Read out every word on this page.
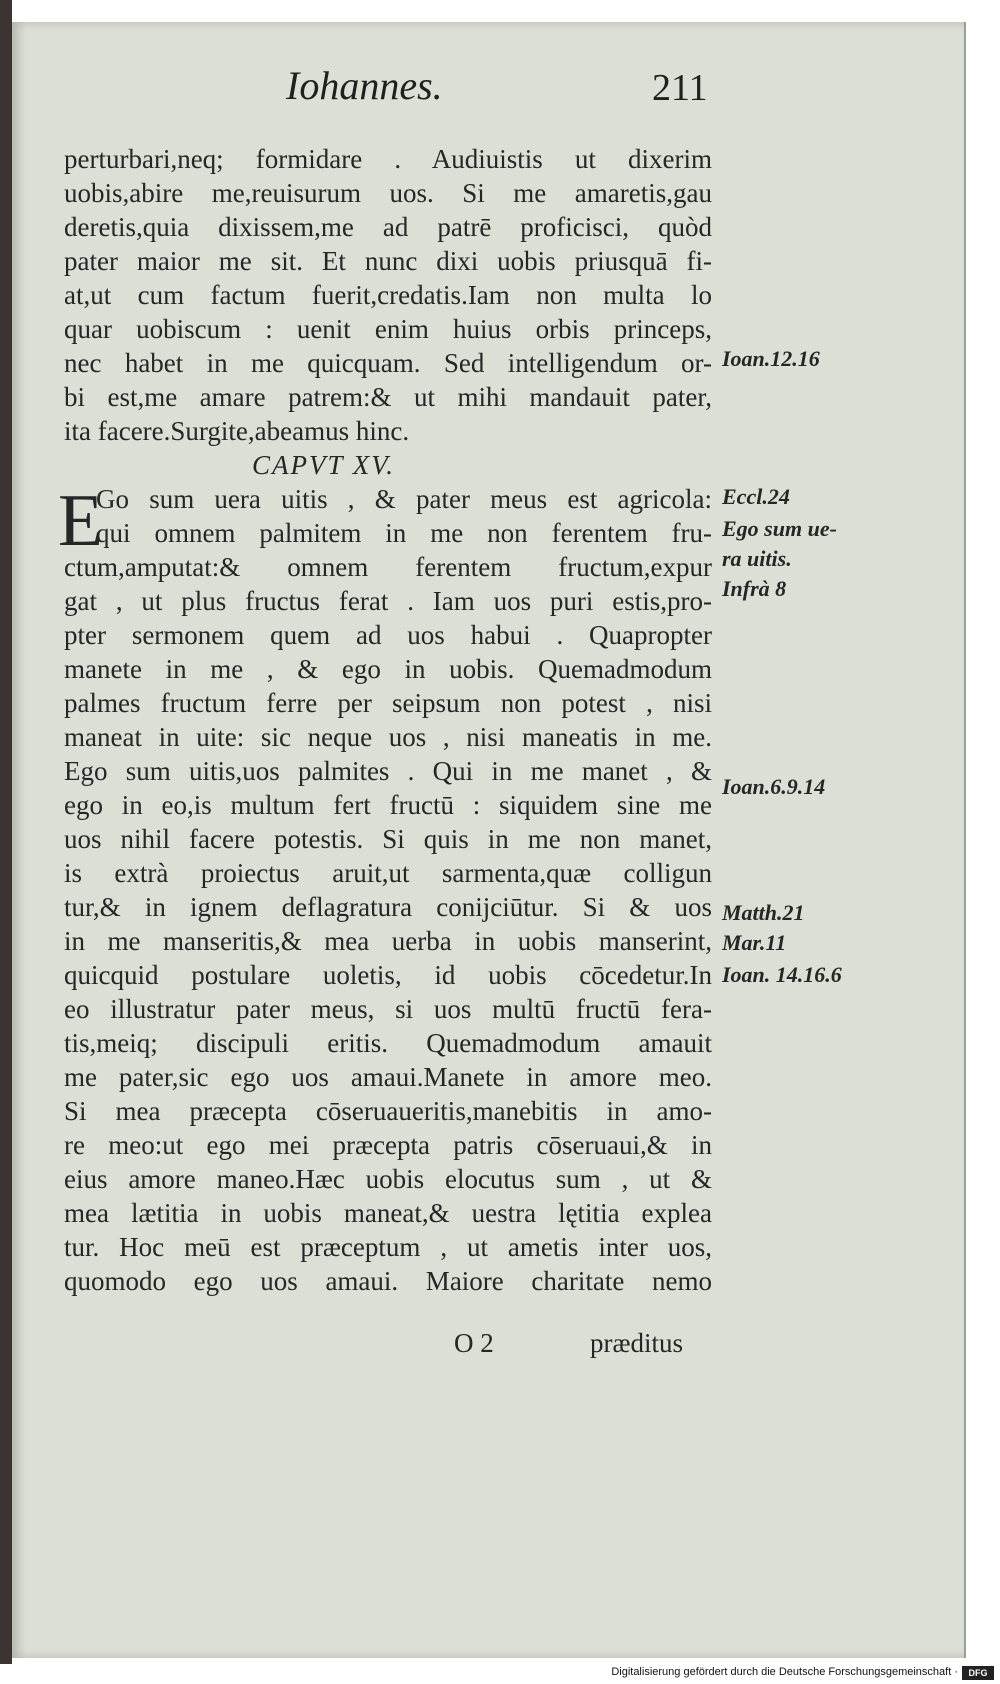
Iohannes.	211
perturbari,neq; formidare . Audiuistis ut dixerim
uobis,abire me,reuisurum uos. Si me amaretis,gau
deretis,quia dixissem,me ad patrē proficisci, quòd
pater maior me sit. Et nunc dixi uobis priusquā fi-
at,ut cum factum fuerit,credatis.Iam non multa lo
quar uobiscum : uenit enim huius orbis princeps,
nec habet in me quicquam. Sed intelligendum or-
bi est,me amare patrem:& ut mihi mandauit pater,
ita facere.Surgite,abeamus hinc.
CAPVT XV.
Go sum uera uitis , & pater meus est agricola:
qui omnem palmitem in me non ferentem fru-
ctum,amputat:& omnem ferentem fructum,expur
gat , ut plus fructus ferat . Iam uos puri estis,pro-
pter sermonem quem ad uos habui . Quapropter
manete in me , & ego in uobis. Quemadmodum
palmes fructum ferre per seipsum non potest , nisi
maneat in uite: sic neque uos , nisi maneatis in me.
Ego sum uitis,uos palmites . Qui in me manet , &
ego in eo,is multum fert fructū : siquidem sine me
uos nihil facere potestis. Si quis in me non manet,
is extrà proiectus aruit,ut sarmenta,quæ colligun
tur,& in ignem deflagratura conijciūtur. Si & uos
in me manseritis,& mea uerba in uobis manserint,
quicquid postulare uoletis, id uobis cōcedetur.In
eo illustratur pater meus, si uos multū fructū fera-
tis,meiq; discipuli eritis. Quemadmodum amauit
me pater,sic ego uos amaui.Manete in amore meo.
Si mea præcepta cōseruaueritis,manebitis in amo-
re meo:ut ego mei præcepta patris cōseruaui,& in
eius amore maneo.Hæc uobis elocutus sum , ut &
mea lætitia in uobis maneat,& uestra lętitia explea
tur. Hoc meū est præceptum , ut ametis inter uos,
quomodo ego uos amaui. Maiore charitate nemo
E
Ioan.12.16
Eccl.24
Ego sum ue-
ra uitis.
Infrà 8
Ioan.6.9.14
Matth.21
Mar.11
Ioan. 14.16.6
O 2	præditus
Digitalisierung gefördert durch die Deutsche Forschungsgemeinschaft ·	DFG
